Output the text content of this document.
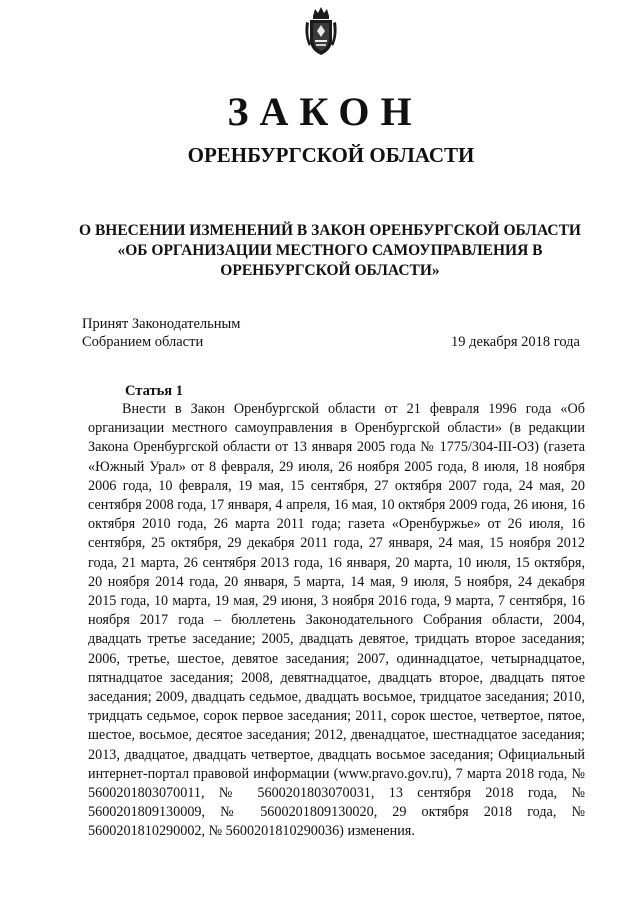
ЗАКОН
ОРЕНБУРГСКОЙ ОБЛАСТИ
О ВНЕСЕНИИ ИЗМЕНЕНИЙ В ЗАКОН ОРЕНБУРГСКОЙ ОБЛАСТИ
«ОБ ОРГАНИЗАЦИИ МЕСТНОГО САМОУПРАВЛЕНИЯ В
ОРЕНБУРГСКОЙ ОБЛАСТИ»
Принят Законодательным
Собранием области	19 декабря 2018 года
Статья 1

Внести в Закон Оренбургской области от 21 февраля 1996 года «Об организации местного самоуправления в Оренбургской области» (в редакции Закона Оренбургской области от 13 января 2005 года № 1775/304-III-ОЗ) (газета «Южный Урал» от 8 февраля, 29 июля, 26 ноября 2005 года, 8 июля, 18 ноября 2006 года, 10 февраля, 19 мая, 15 сентября, 27 октября 2007 года, 24 мая, 20 сентября 2008 года, 17 января, 4 апреля, 16 мая, 10 октября 2009 года, 26 июня, 16 октября 2010 года, 26 марта 2011 года; газета «Оренбуржье» от 26 июля, 16 сентября, 25 октября, 29 декабря 2011 года, 27 января, 24 мая, 15 ноября 2012 года, 21 марта, 26 сентября 2013 года, 16 января, 20 марта, 10 июля, 15 октября, 20 ноября 2014 года, 20 января, 5 марта, 14 мая, 9 июля, 5 ноября, 24 декабря 2015 года, 10 марта, 19 мая, 29 июня, 3 ноября 2016 года, 9 марта, 7 сентября, 16 ноября 2017 года – бюллетень Законодательного Собрания области, 2004, двадцать третье заседание; 2005, двадцать девятое, тридцать второе заседания; 2006, третье, шестое, девятое заседания; 2007, одиннадцатое, четырнадцатое, пятнадцатое заседания; 2008, девятнадцатое, двадцать второе, двадцать пятое заседания; 2009, двадцать седьмое, двадцать восьмое, тридцатое заседания; 2010, тридцать седьмое, сорок первое заседания; 2011, сорок шестое, четвертое, пятое, шестое, восьмое, десятое заседания; 2012, двенадцатое, шестнадцатое заседания; 2013, двадцатое, двадцать четвертое, двадцать восьмое заседания; Официальный интернет-портал правовой информации (www.pravo.gov.ru), 7 марта 2018 года, № 5600201803070011, № 5600201803070031, 13 сентября 2018 года, № 5600201809130009, № 5600201809130020, 29 октября 2018 года, № 5600201810290002, № 5600201810290036) изменения.
